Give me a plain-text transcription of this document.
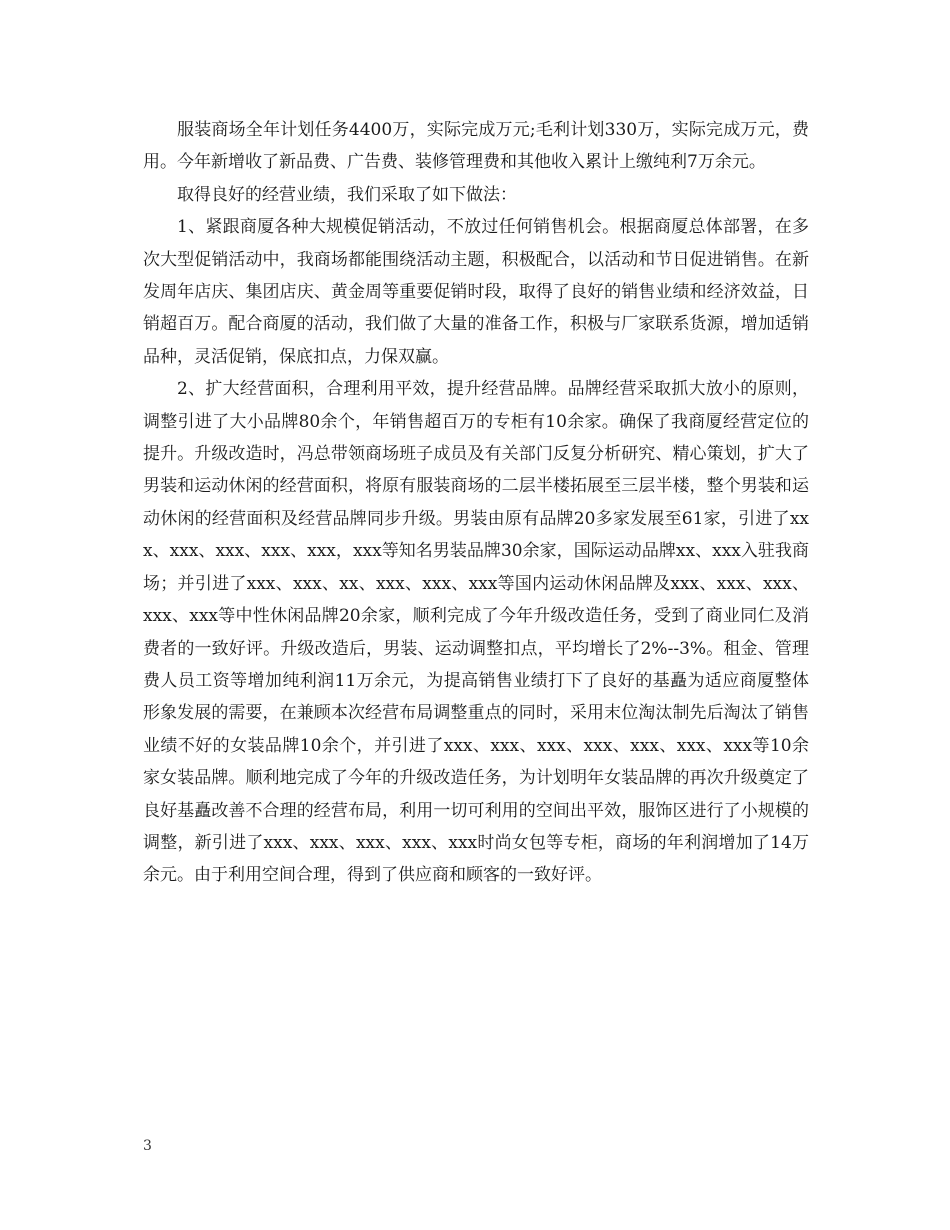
服装商场全年计划任务4400万，实际完成万元;毛利计划330万，实际完成万元，费用。今年新增收了新品费、广告费、装修管理费和其他收入累计上缴纯利7万余元。

取得良好的经营业绩，我们采取了如下做法：

1、紧跟商厦各种大规模促销活动，不放过任何销售机会。根据商厦总体部署，在多次大型促销活动中，我商场都能围绕活动主题，积极配合，以活动和节日促进销售。在新发周年店庆、集团店庆、黄金周等重要促销时段，取得了良好的销售业绩和经济效益，日销超百万。配合商厦的活动，我们做了大量的准备工作，积极与厂家联系货源，增加适销品种，灵活促销，保底扣点，力保双赢。

2、扩大经营面积，合理利用平效，提升经营品牌。品牌经营采取抓大放小的原则，调整引进了大小品牌80余个，年销售超百万的专柜有10余家。确保了我商厦经营定位的提升。升级改造时，冯总带领商场班子成员及有关部门反复分析研究、精心策划，扩大了男装和运动休闲的经营面积，将原有服装商场的二层半楼拓展至三层半楼，整个男装和运动休闲的经营面积及经营品牌同步升级。男装由原有品牌20多家发展至61家，引进了xxx、xxx、xxx、xxx、xxx，xxx等知名男装品牌30余家，国际运动品牌xx、xxx入驻我商场；并引进了xxx、xxx、xx、xxx、xxx、xxx等国内运动休闲品牌及xxx、xxx、xxx、xxx、xxx等中性休闲品牌20余家，顺利完成了今年升级改造任务，受到了商业同仁及消费者的一致好评。升级改造后，男装、运动调整扣点，平均增长了2%--3%。租金、管理费人员工资等增加纯利润11万余元，为提高销售业绩打下了良好的基矗为适应商厦整体形象发展的需要，在兼顾本次经营布局调整重点的同时，采用末位淘汰制先后淘汰了销售业绩不好的女装品牌10余个，并引进了xxx、xxx、xxx、xxx、xxx、xxx、xxx等10余家女装品牌。顺利地完成了今年的升级改造任务，为计划明年女装品牌的再次升级奠定了良好基矗改善不合理的经营布局，利用一切可利用的空间出平效，服饰区进行了小规模的调整，新引进了xxx、xxx、xxx、xxx、xxx时尚女包等专柜，商场的年利润增加了14万余元。由于利用空间合理，得到了供应商和顾客的一致好评。

3
